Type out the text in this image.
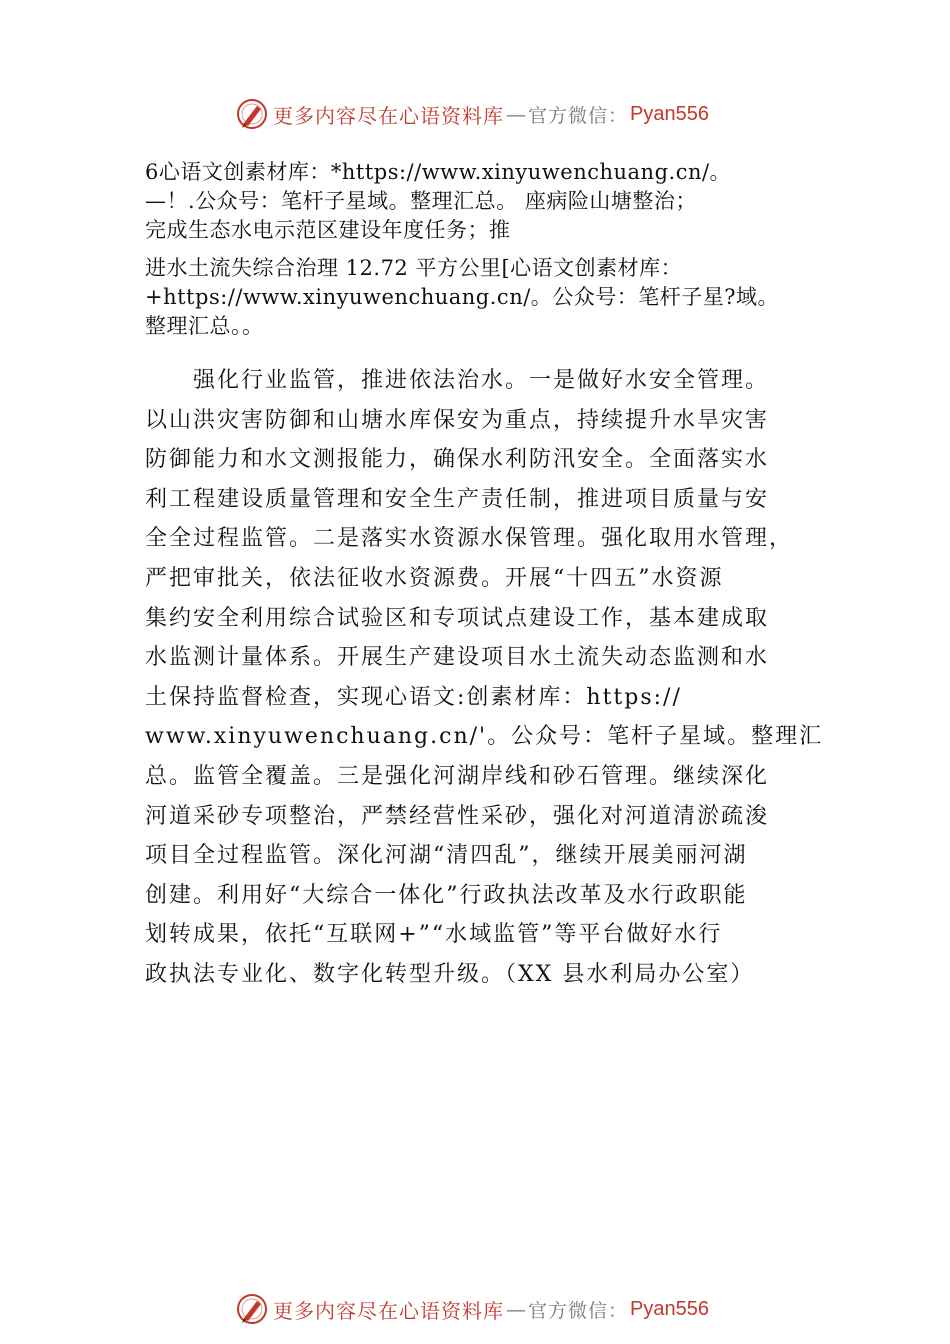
更多内容尽在心语资料库 — 官方微信： Pyan556
6心语文创素材库：*https://www.xinyuwenchuang.cn/。
—！.公众号：笔杆子星域。整理汇总。 座病险山塘整治；
完成生态水电示范区建设年度任务；推
进水土流失综合治理 12.72 平方公里[心语文创素材库：
+https://www.xinyuwenchuang.cn/。公众号：笔杆子星?域。
整理汇总。。
　　强化行业监管，推进依法治水。一是做好水安全管理。
以山洪灾害防御和山塘水库保安为重点，持续提升水旱灾害
防御能力和水文测报能力，确保水利防汛安全。全面落实水
利工程建设质量管理和安全生产责任制，推进项目质量与安
全全过程监管。二是落实水资源水保管理。强化取用水管理，
严把审批关，依法征收水资源费。开展“十四五”水资源
集约安全利用综合试验区和专项试点建设工作，基本建成取
水监测计量体系。开展生产建设项目水土流失动态监测和水
土保持监督检查，实现心语文:创素材库：https://
www.xinyuwenchuang.cn/'。公众号：笔杆子星域。整理汇
总。监管全覆盖。三是强化河湖岸线和砂石管理。继续深化
河道采砂专项整治，严禁经营性采砂，强化对河道清淤疏浚
项目全过程监管。深化河湖“清四乱”，继续开展美丽河湖
创建。利用好“大综合一体化”行政执法改革及水行政职能
划转成果，依托“互联网+”“水域监管”等平台做好水行
政执法专业化、数字化转型升级。（XX 县水利局办公室）
更多内容尽在心语资料库 — 官方微信： Pyan556
